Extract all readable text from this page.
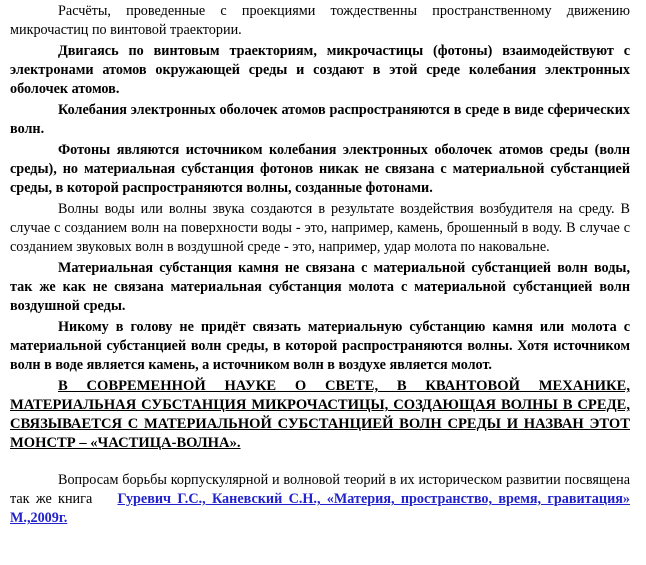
Расчёты, проведенные с проекциями тождественны пространственному движению микрочастиц по винтовой траектории.

Двигаясь по винтовым траекториям, микрочастицы (фотоны) взаимодействуют с электронами атомов окружающей среды и создают в этой среде колебания электронных оболочек атомов.

Колебания электронных оболочек атомов распространяются в среде в виде сферических волн.

Фотоны являются источником колебания электронных оболочек атомов среды (волн среды), но материальная субстанция фотонов никак не связана с материальной субстанцией среды, в которой распространяются волны, созданные фотонами.

Волны воды или волны звука создаются в результате воздействия возбудителя на среду. В случае с созданием волн на поверхности воды - это, например, камень, брошенный в воду. В случае с созданием звуковых волн в воздушной среде - это, например, удар молота по наковальне.

Материальная субстанция камня не связана с материальной субстанцией волн воды, так же как не связана материальная субстанция молота с материальной субстанцией волн воздушной среды.

Никому в голову не придёт связать материальную субстанцию камня или молота с материальной субстанцией волн среды, в которой распространяются волны. Хотя источником волн в воде является камень, а источником волн в воздухе является молот.

В СОВРЕМЕННОЙ НАУКЕ О СВЕТЕ, В КВАНТОВОЙ МЕХАНИКЕ, МАТЕРИАЛЬНАЯ СУБСТАНЦИЯ МИКРОЧАСТИЦЫ, СОЗДАЮЩАЯ ВОЛНЫ В СРЕДЕ, СВЯЗЫВАЕТСЯ С МАТЕРИАЛЬНОЙ СУБСТАНЦИЕЙ ВОЛН СРЕДЫ И НАЗВАН ЭТОТ МОНСТР – «ЧАСТИЦА-ВОЛНА».

Вопросам борьбы корпускулярной и волновой теорий в их историческом развитии посвящена так же книга Гуревич Г.С., Каневский С.Н., «Материя, пространство, время, гравитация» М.,2009г.
